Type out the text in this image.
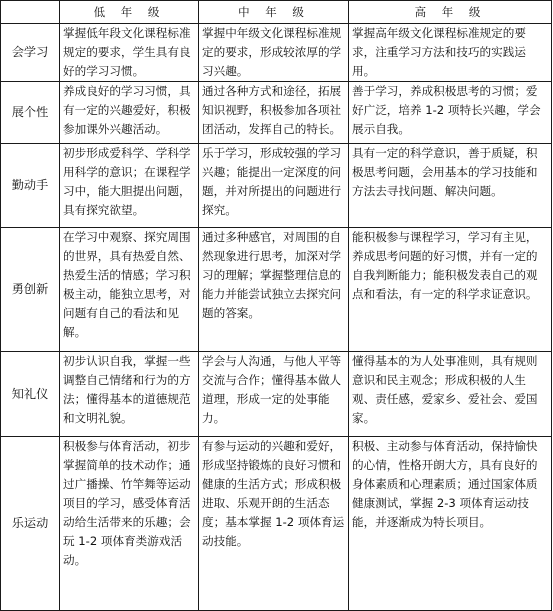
	低 年 级	中 年 级	高 年 级
会学习	掌握低年段文化课程标准规定的要求，学生具有良好的学习习惯。	掌握中年级文化课程标准规定的要求，形成较浓厚的学习兴趣。	掌握高年级文化课程标准规定的要求，注重学习方法和技巧的实践运用。
展个性	养成良好的学习习惯，具有一定的兴趣爱好，积极参加课外兴趣活动。	通过各种方式和途径，拓展知识视野，积极参加各项社团活动，发挥自己的特长。	善于学习，养成积极思考的习惯；爱好广泛，培养 1-2 项特长兴趣，学会展示自我。
勤动手	初步形成爱科学、学科学用科学的意识；在课程学习中，能大胆提出问题，具有探究欲望。	乐于学习，形成较强的学习兴趣；能提出一定深度的问题，并对所提出的问题进行探究。	具有一定的科学意识，善于质疑，积极思考问题，会用基本的学习技能和方法去寻找问题、解决问题。
勇创新	在学习中观察、探究周围的世界，具有热爱自然、热爱生活的情感；学习积极主动，能独立思考，对问题有自己的看法和见解。	通过多种感官，对周围的自然现象进行思考，加深对学习的理解；掌握整理信息的能力并能尝试独立去探究问题的答案。	能积极参与课程学习，学习有主见，养成思考问题的好习惯，并有一定的自我判断能力；能积极发表自己的观点和看法，有一定的科学求证意识。
知礼仪	初步认识自我，掌握一些调整自己情绪和行为的方法；懂得基本的道德规范和文明礼貌。	学会与人沟通，与他人平等交流与合作；懂得基本做人道理，形成一定的处事能力。	懂得基本的为人处事准则，具有规则意识和民主观念；形成积极的人生观、责任感，爱家乡、爱社会、爱国家。
乐运动	积极参与体育活动，初步掌握简单的技术动作；通过广播操、竹竿舞等运动项目的学习，感受体育活动给生活带来的乐趣；会玩 1-2 项体育类游戏活动。	有参与运动的兴趣和爱好，形成坚持锻炼的良好习惯和健康的生活方式；形成积极进取、乐观开朗的生活态度；基本掌握 1-2 项体育运动技能。	积极、主动参与体育活动，保持愉快的心情，性格开朗大方，具有良好的身体素质和心理素质；通过国家体质健康测试，掌握 2-3 项体育运动技能，并逐渐成为特长项目。
